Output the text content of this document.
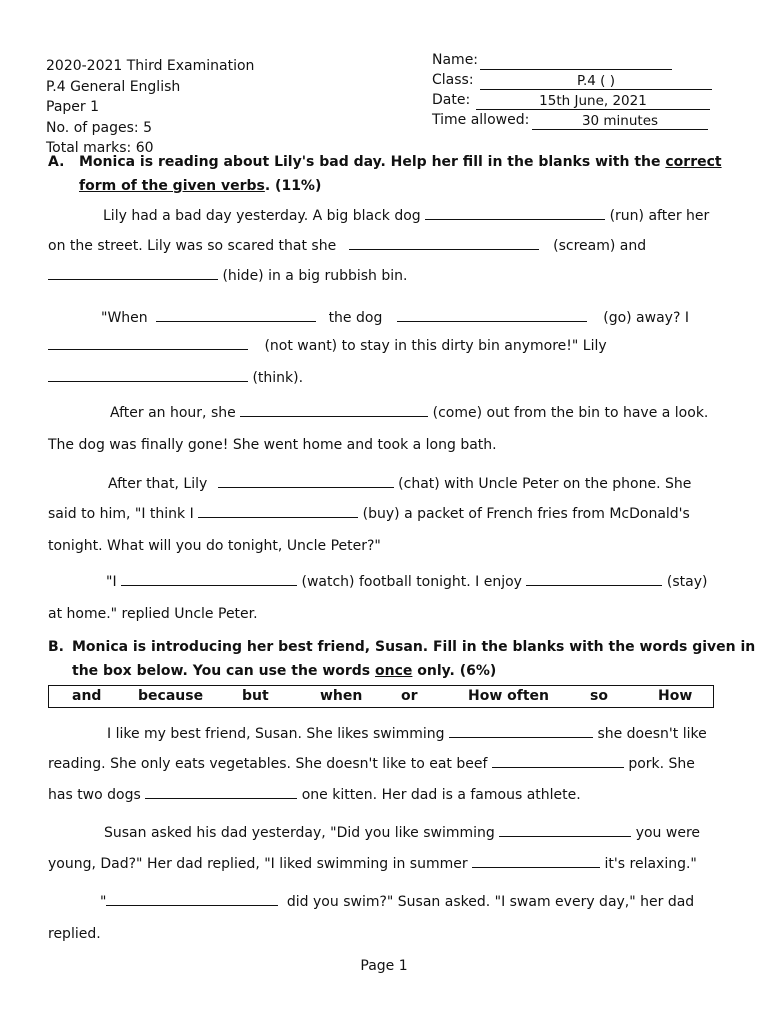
2020-2021 Third Examination
P.4 General English
Paper 1
No. of pages: 5
Total marks: 60
Name:
Class:	P.4 ( )
Date:	15th June, 2021
Time allowed:	30 minutes
A. Monica is reading about Lily's bad day. Help her fill in the blanks with the correct
form of the given verbs. (11%)
Lily had a bad day yesterday. A big black dog	(run) after her
on the street. Lily was so scared that she	(scream) and
(hide) in a big rubbish bin.
"When	the dog	(go) away? I
(not want) to stay in this dirty bin anymore!" Lily
(think).
After an hour, she	(come) out from the bin to have a look.
The dog was finally gone! She went home and took a long bath.
After that, Lily	(chat) with Uncle Peter on the phone. She
said to him, "I think I	(buy) a packet of French fries from McDonald's
tonight. What will you do tonight, Uncle Peter?"
"I	(watch) football tonight. I enjoy	(stay)
at home." replied Uncle Peter.
B. Monica is introducing her best friend, Susan. Fill in the blanks with the words given in
the box below. You can use the words once only. (6%)
and	because	but	when	or	How often	so	How
I like my best friend, Susan. She likes swimming	she doesn't like
reading. She only eats vegetables. She doesn't like to eat beef	pork. She
has two dogs	one kitten. Her dad is a famous athlete.
Susan asked his dad yesterday, "Did you like swimming	you were
young, Dad?" Her dad replied, "I liked swimming in summer	it's relaxing."
"	did you swim?" Susan asked. "I swam every day," her dad
replied.
Page 1
